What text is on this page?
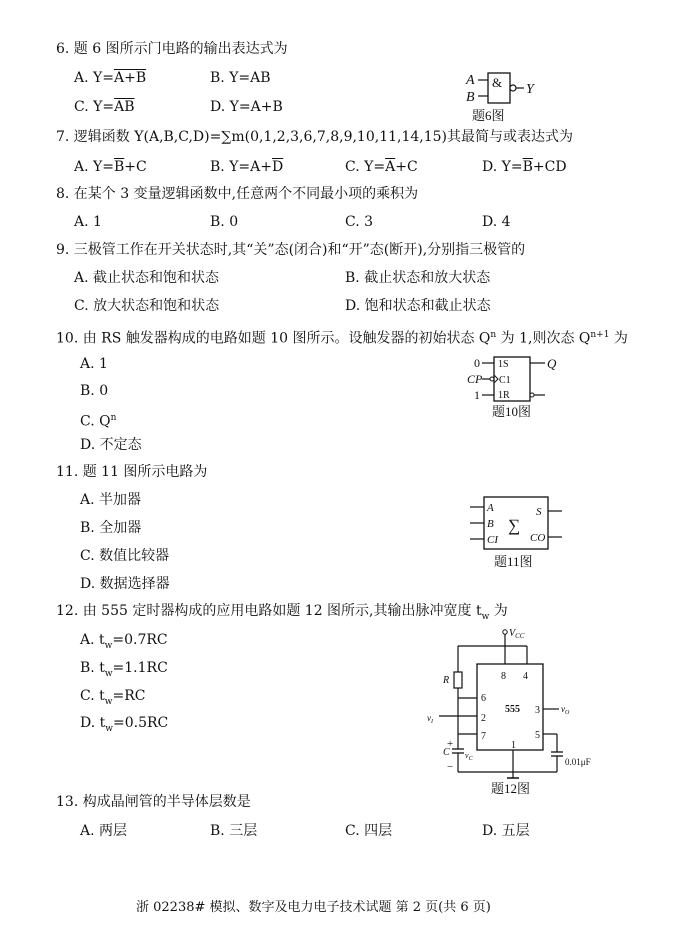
6. 题 6 图所示门电路的输出表达式为
A. Y=A+B	B. Y=AB
C. $Y=\overline{AB}$	D. Y=A+B
A
B
& Y
题6图
7. 逻辑函数 Y(A,B,C,D)=∑m(0,1,2,3,6,7,8,9,10,11,14,15)其最简与或表达式为
A. $Y=\overline{B}+C$	B. $Y=A+\overline{D}$	C. $Y=\overline{A}+C$	D. $Y=\overline{B}+CD$
8. 在某个 3 变量逻辑函数中,任意两个不同最小项的乘积为
A. 1	B. 0	C. 3	D. 4
9. 三极管工作在开关状态时,其“关”态(闭合)和“开”态(断开),分别指三极管的
A. 截止状态和饱和状态	B. 截止状态和放大状态
C. 放大状态和饱和状态	D. 饱和状态和截止状态
10. 由 RS 触发器构成的电路如题 10 图所示。设触发器的初始状态 $Q^n$ 为 1,则次态 $Q^{n+1}$ 为
A. 1
B. 0
C. $Q^n$
D. 不定态
0
CP
1
1S
C1
1R
Q
题10图
11. 题 11 图所示电路为
A. 半加器
B. 全加器
C. 数值比较器
D. 数据选择器
A
B
CI
∑
S
CO
题11图
12. 由 555 定时器构成的应用电路如题 12 图所示,其输出脉冲宽度 $t_w$ 为
A. $t_w=0.7RC$
B. $t_w=1.1RC$
C. $t_w=RC$
D. $t_w=0.5RC$
$V_{CC}$
8 4
555
6
2
7
3
5
1
R
$v_I$
+
C $v_C$
−
$v_O$
0.01μF
题12图
13. 构成晶闸管的半导体层数是
A. 两层	B. 三层	C. 四层	D. 五层
浙 02238# 模拟、数字及电力电子技术试题 第 2 页(共 6 页)
